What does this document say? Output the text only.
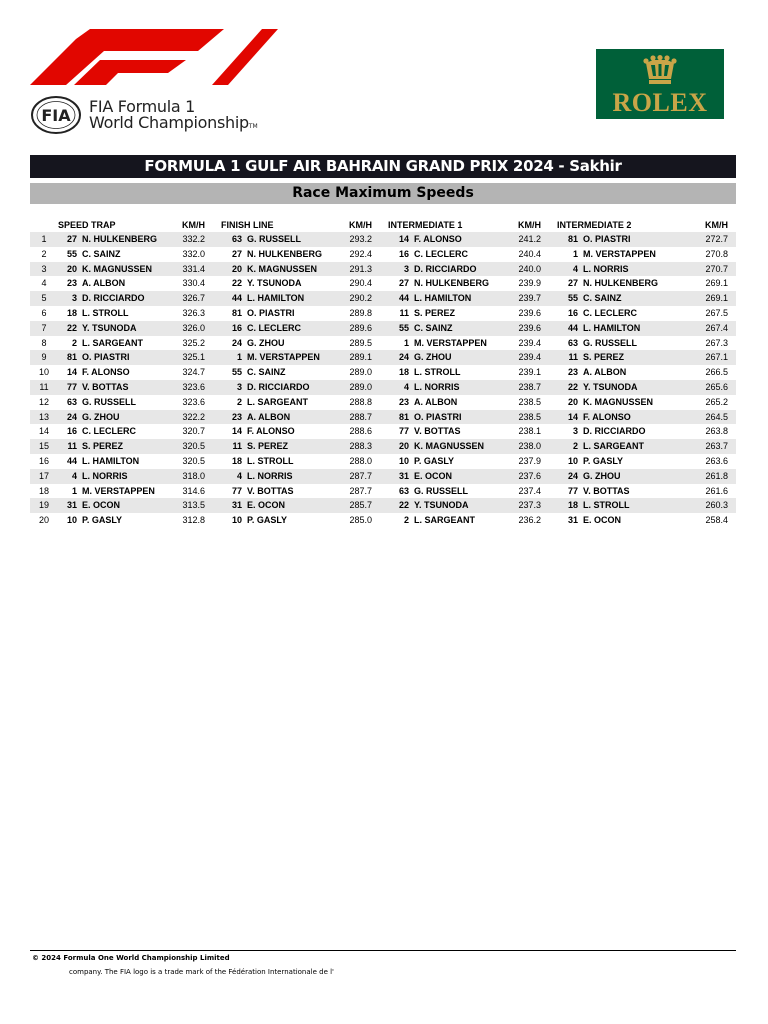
FIA FIA Formula 1
World ChampionshipTM
ROLEX
FORMULA 1 GULF AIR BAHRAIN GRAND PRIX 2024 - Sakhir
Race Maximum Speeds
	SPEED TRAP		KM/H		FINISH LINE		KM/H		INTERMEDIATE 1		KM/H		INTERMEDIATE 2		KM/H
1	27	N. HULKENBERG	332.2		63	G. RUSSELL	293.2		14	F. ALONSO	241.2		81	O. PIASTRI	272.7
2	55	C. SAINZ	332.0		27	N. HULKENBERG	292.4		16	C. LECLERC	240.4		1	M. VERSTAPPEN	270.8
3	20	K. MAGNUSSEN	331.4		20	K. MAGNUSSEN	291.3		3	D. RICCIARDO	240.0		4	L. NORRIS	270.7
4	23	A. ALBON	330.4		22	Y. TSUNODA	290.4		27	N. HULKENBERG	239.9		27	N. HULKENBERG	269.1
5	3	D. RICCIARDO	326.7		44	L. HAMILTON	290.2		44	L. HAMILTON	239.7		55	C. SAINZ	269.1
6	18	L. STROLL	326.3		81	O. PIASTRI	289.8		11	S. PEREZ	239.6		16	C. LECLERC	267.5
7	22	Y. TSUNODA	326.0		16	C. LECLERC	289.6		55	C. SAINZ	239.6		44	L. HAMILTON	267.4
8	2	L. SARGEANT	325.2		24	G. ZHOU	289.5		1	M. VERSTAPPEN	239.4		63	G. RUSSELL	267.3
9	81	O. PIASTRI	325.1		1	M. VERSTAPPEN	289.1		24	G. ZHOU	239.4		11	S. PEREZ	267.1
10	14	F. ALONSO	324.7		55	C. SAINZ	289.0		18	L. STROLL	239.1		23	A. ALBON	266.5
11	77	V. BOTTAS	323.6		3	D. RICCIARDO	289.0		4	L. NORRIS	238.7		22	Y. TSUNODA	265.6
12	63	G. RUSSELL	323.6		2	L. SARGEANT	288.8		23	A. ALBON	238.5		20	K. MAGNUSSEN	265.2
13	24	G. ZHOU	322.2		23	A. ALBON	288.7		81	O. PIASTRI	238.5		14	F. ALONSO	264.5
14	16	C. LECLERC	320.7		14	F. ALONSO	288.6		77	V. BOTTAS	238.1		3	D. RICCIARDO	263.8
15	11	S. PEREZ	320.5		11	S. PEREZ	288.3		20	K. MAGNUSSEN	238.0		2	L. SARGEANT	263.7
16	44	L. HAMILTON	320.5		18	L. STROLL	288.0		10	P. GASLY	237.9		10	P. GASLY	263.6
17	4	L. NORRIS	318.0		4	L. NORRIS	287.7		31	E. OCON	237.6		24	G. ZHOU	261.8
18	1	M. VERSTAPPEN	314.6		77	V. BOTTAS	287.7		63	G. RUSSELL	237.4		77	V. BOTTAS	261.6
19	31	E. OCON	313.5		31	E. OCON	285.7		22	Y. TSUNODA	237.3		18	L. STROLL	260.3
20	10	P. GASLY	312.8		10	P. GASLY	285.0		2	L. SARGEANT	236.2		31	E. OCON	258.4
© 2024 Formula One World Championship Limited
company. The FIA logo is a trade mark of the Fédération Internationale de l'
